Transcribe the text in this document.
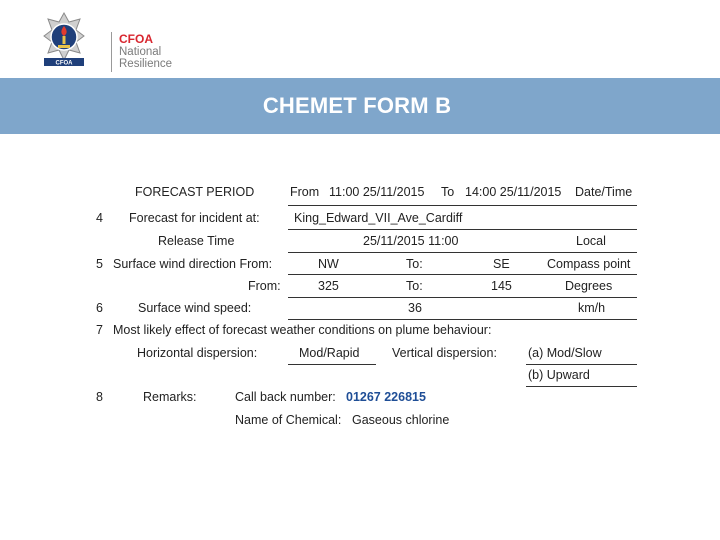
CFOA
CFOA
National
Resilience
CHEMET FORM B
FORECAST PERIOD	From 11:00 25/11/2015 To 14:00 25/11/2015 Date/Time
4 Forecast for incident at:	King_Edward_VII_Ave_Cardiff
Release Time	25/11/2015 11:00	Local
5 Surface wind direction From:	NW	To:	SE	Compass point
From:	325	To:	145	Degrees
6	Surface wind speed:	36	km/h
7 Most likely effect of forecast weather conditions on plume behaviour:
Horizontal dispersion:	Mod/Rapid	Vertical dispersion: (a) Mod/Slow
(b) Upward
8	Remarks:	Call back number: 01267 226815
Name of Chemical: Gaseous chlorine
